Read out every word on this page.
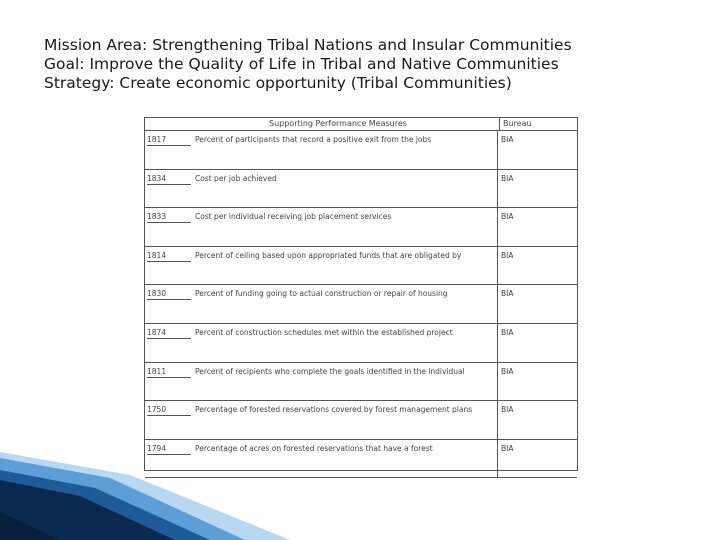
Mission Area: Strengthening Tribal Nations and Insular Communities
Goal: Improve the Quality of Life in Tribal and Native Communities
Strategy: Create economic opportunity (Tribal Communities)
Supporting Performance Measures	Bureau
1817	Percent of participants that record a positive exit from the jobs	BIA
1834	Cost per job achieved	BIA
1833	Cost per individual receiving job placement services	BIA
1814	Percent of ceiling based upon appropriated funds that are obligated by	BIA
1830	Percent of funding going to actual construction or repair of housing	BIA
1874	Percent of construction schedules met within the established project	BIA
1811	Percent of recipients who complete the goals identified in the individual	BIA
1750	Percentage of forested reservations covered by forest management plans	BIA
1794	Percentage of acres on forested reservations that have a forest	BIA
